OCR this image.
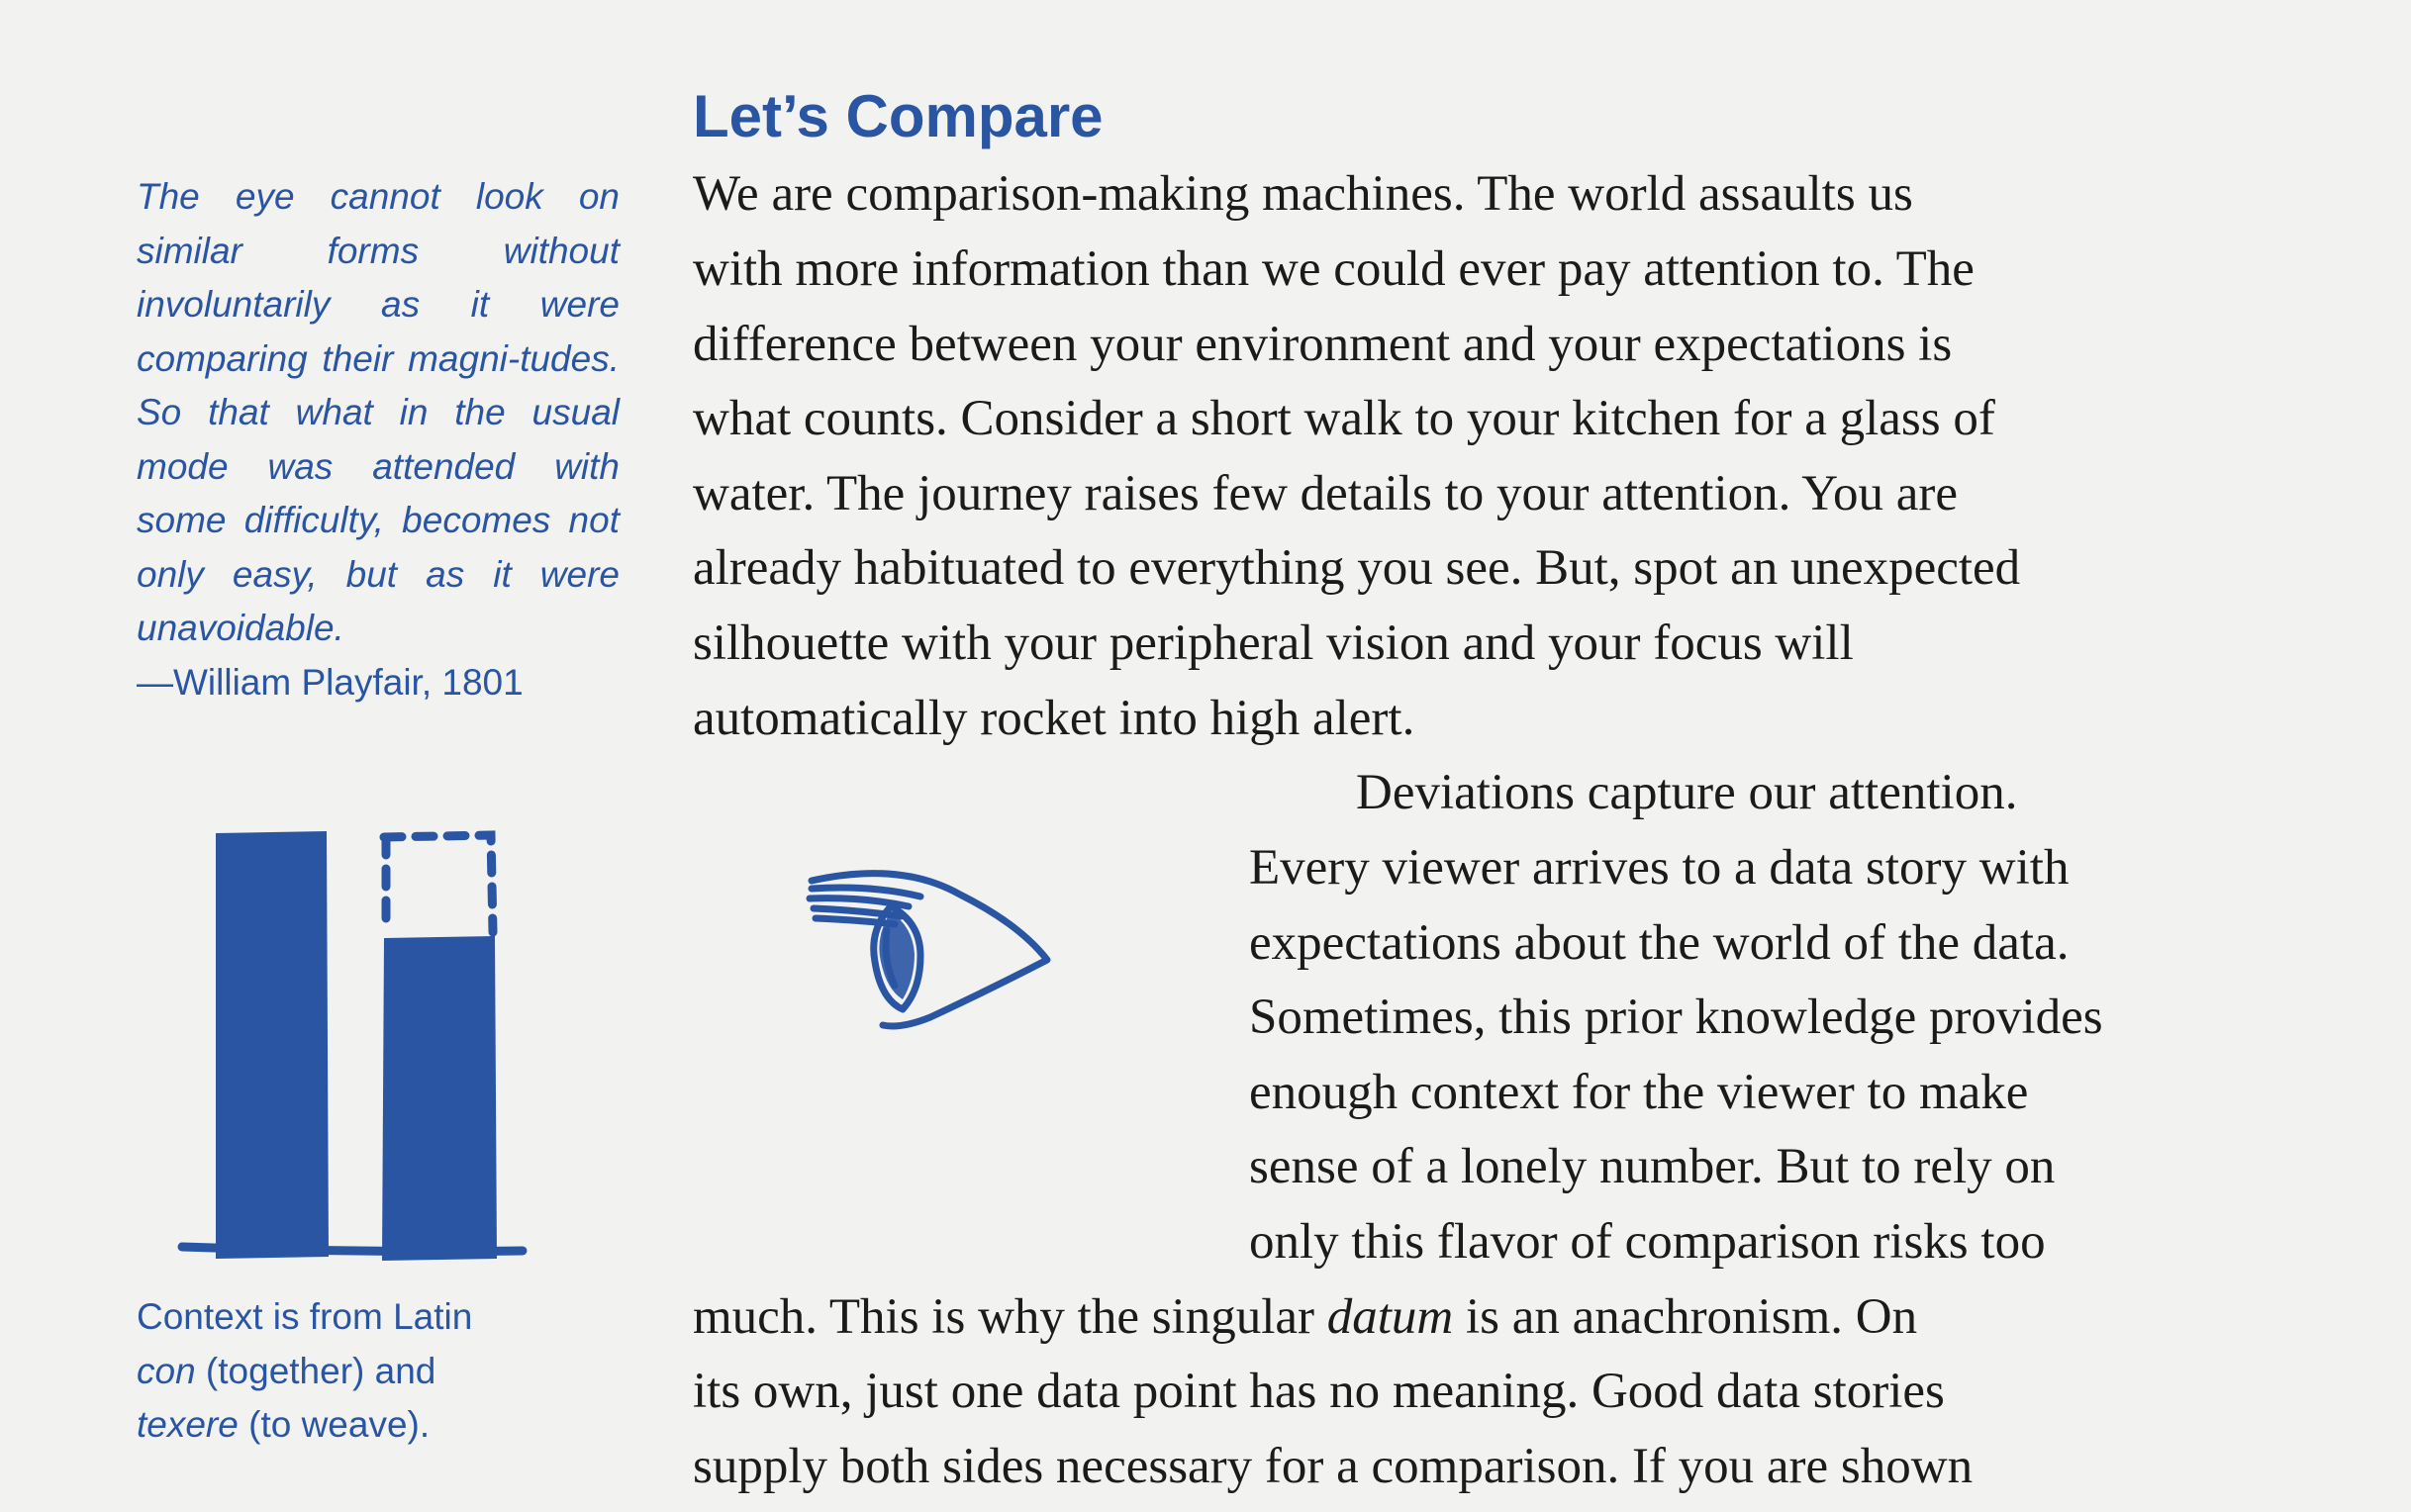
The eye cannot look on similar forms without involuntarily as it were comparing their magni-tudes. So that what in the usual mode was attended with some difficulty, becomes not only easy, but as it were unavoidable.
—William Playfair, 1801
Let’s Compare

We are comparison-making machines. The world assaults us

with more information than we could ever pay attention to. The

difference between your environment and your expectations is

what counts. Consider a short walk to your kitchen for a glass of

water. The journey raises few details to your attention. You are

already habituated to everything you see. But, spot an unexpected

silhouette with your peripheral vision and your focus will

automatically rocket into high alert.

Deviations capture our attention.

Every viewer arrives to a data story with

expectations about the world of the data.

Sometimes, this prior knowledge provides

enough context for the viewer to make

sense of a lonely number. But to rely on

only this flavor of comparison risks too

much. This is why the singular datum is an anachronism. On

its own, just one data point has no meaning. Good data stories

supply both sides necessary for a comparison. If you are shown

Context is from Latin
con (together) and
texere (to weave).
